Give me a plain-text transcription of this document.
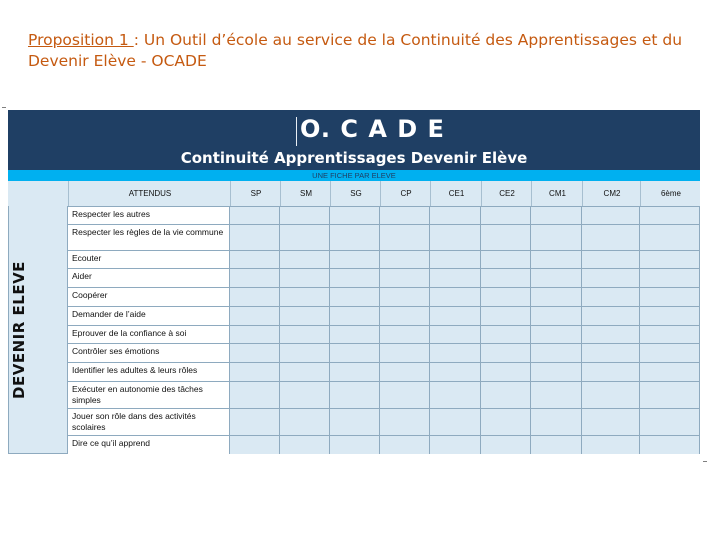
Proposition 1 : Un Outil d’école au service de la Continuité des Apprentissages et du Devenir Elève - OCADE
O. C A D E
Continuité Apprentissages Devenir Elève
UNE FICHE PAR ELEVE
ATTENDUS	SP	SM	SG	CP	CE1	CE2	CM1	CM2	6ème
DEVENIR ELEVE
Respecter les autres
Respecter les règles de la vie commune
Ecouter
Aider
Coopérer
Demander de l’aide
Eprouver de la confiance à soi
Contrôler ses émotions
Identifier les adultes & leurs rôles
Exécuter en autonomie des tâches simples
Jouer son rôle dans des activités scolaires
Dire ce qu’il apprend
